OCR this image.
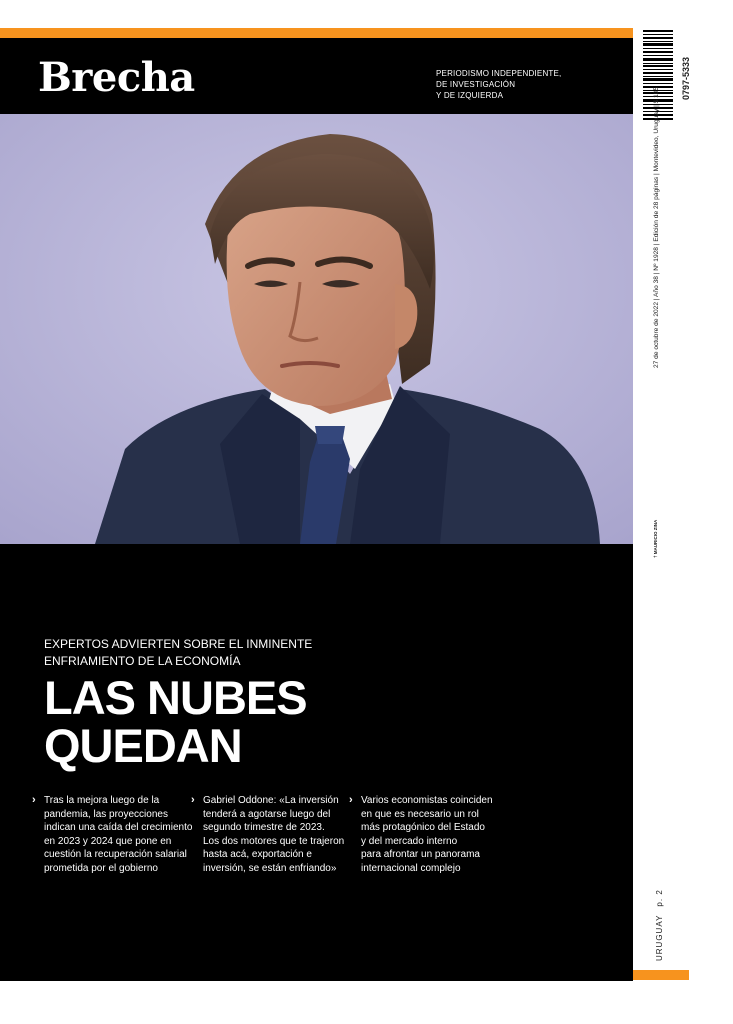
Brecha	PERIODISMO INDEPENDIENTE,
DE INVESTIGACIÓN
Y DE IZQUIERDA
EXPERTOS ADVIERTEN SOBRE EL INMINENTE
ENFRIAMIENTO DE LA ECONOMÍA
LAS NUBES
QUEDAN
› Tras la mejora luego de la
pandemia, las proyecciones
indican una caída del crecimiento
en 2023 y 2024 que pone en
cuestión la recuperación salarial
prometida por el gobierno
› Gabriel Oddone: «La inversión
tenderá a agotarse luego del
segundo trimestre de 2023.
Los dos motores que te trajeron
hasta acá, exportación e
inversión, se están enfriando»
› Varios economistas coinciden
en que es necesario un rol
más protagónico del Estado
y del mercado interno
para afrontar un panorama
internacional complejo
0797-5333
27 de octubre de 2022 | Año 38 | Nº 1928 | Edición de 28 páginas | Montevideo, Uruguay | $ 105
† MAURICIO ZINA
URUGUAYp. 2
